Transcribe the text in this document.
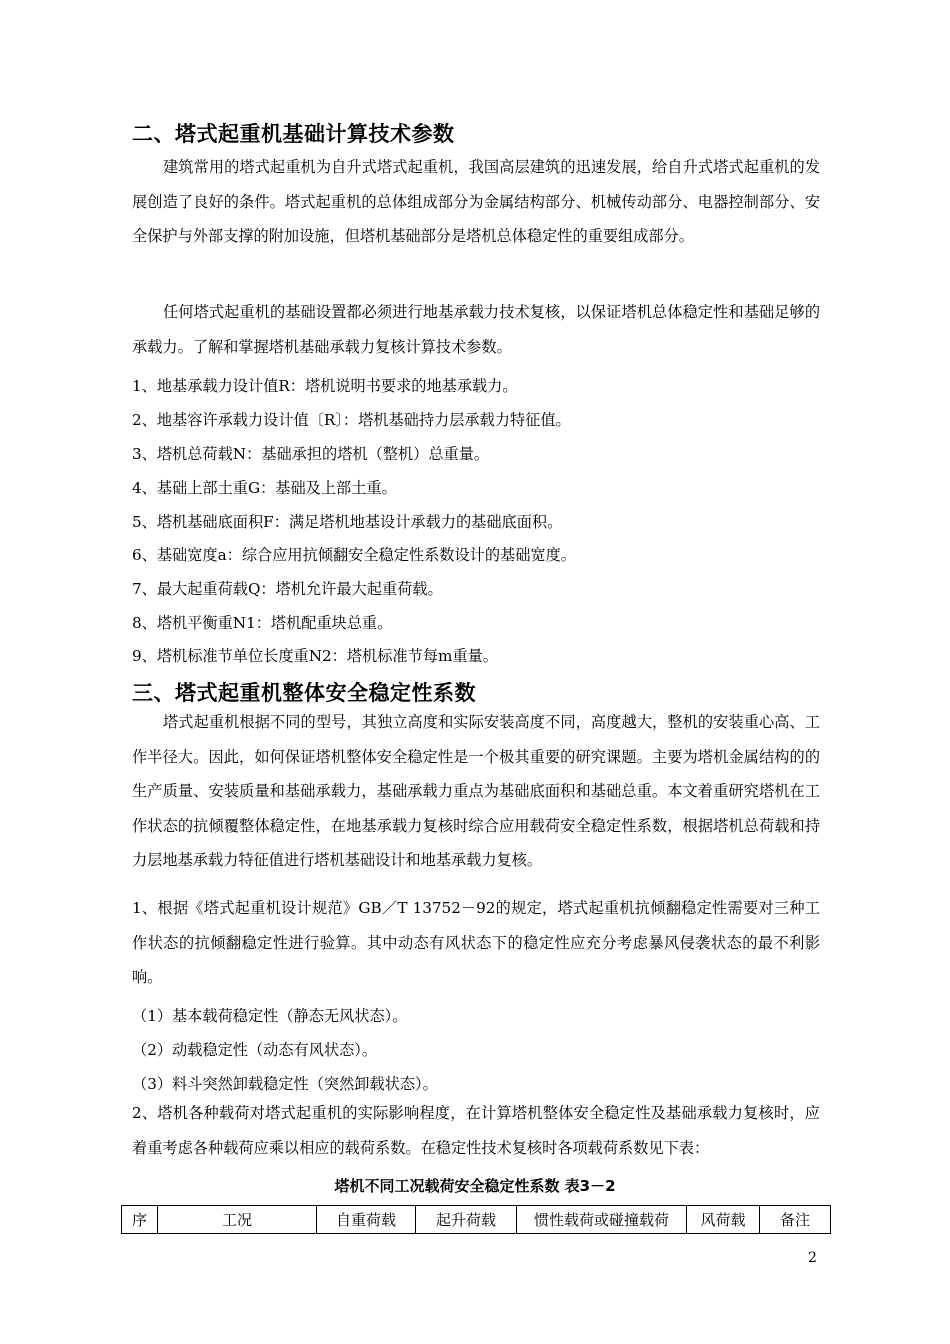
二、塔式起重机基础计算技术参数

建筑常用的塔式起重机为自升式塔式起重机，我国高层建筑的迅速发展，给自升式塔式起重机的发展创造了良好的条件。塔式起重机的总体组成部分为金属结构部分、机械传动部分、电器控制部分、安全保护与外部支撑的附加设施，但塔机基础部分是塔机总体稳定性的重要组成部分。

任何塔式起重机的基础设置都必须进行地基承载力技术复核，以保证塔机总体稳定性和基础足够的承载力。了解和掌握塔机基础承载力复核计算技术参数。

1、地基承载力设计值R：塔机说明书要求的地基承载力。
2、地基容许承载力设计值〔R〕：塔机基础持力层承载力特征值。
3、塔机总荷载N：基础承担的塔机（整机）总重量。
4、基础上部土重G：基础及上部土重。
5、塔机基础底面积F：满足塔机地基设计承载力的基础底面积。
6、基础宽度a：综合应用抗倾翻安全稳定性系数设计的基础宽度。
7、最大起重荷载Q：塔机允许最大起重荷载。
8、塔机平衡重N1：塔机配重块总重。
9、塔机标准节单位长度重N2：塔机标准节每m重量。
三、塔式起重机整体安全稳定性系数

塔式起重机根据不同的型号，其独立高度和实际安装高度不同，高度越大，整机的安装重心高、工作半径大。因此，如何保证塔机整体安全稳定性是一个极其重要的研究课题。主要为塔机金属结构的的生产质量、安装质量和基础承载力，基础承载力重点为基础底面积和基础总重。本文着重研究塔机在工作状态的抗倾覆整体稳定性，在地基承载力复核时综合应用载荷安全稳定性系数，根据塔机总荷载和持力层地基承载力特征值进行塔机基础设计和地基承载力复核。

1、根据《塔式起重机设计规范》GB／T 13752－92的规定，塔式起重机抗倾翻稳定性需要对三种工作状态的抗倾翻稳定性进行验算。其中动态有风状态下的稳定性应充分考虑暴风侵袭状态的最不利影响。

（1）基本载荷稳定性（静态无风状态）。
（2）动载稳定性（动态有风状态）。
（3）料斗突然卸载稳定性（突然卸载状态）。

2、塔机各种载荷对塔式起重机的实际影响程度，在计算塔机整体安全稳定性及基础承载力复核时，应着重考虑各种载荷应乘以相应的载荷系数。在稳定性技术复核时各项载荷系数见下表：

塔机不同工况载荷安全稳定性系数 表3－2
序	工况	自重荷载	起升荷载	惯性载荷或碰撞载荷	风荷载	备注
2
